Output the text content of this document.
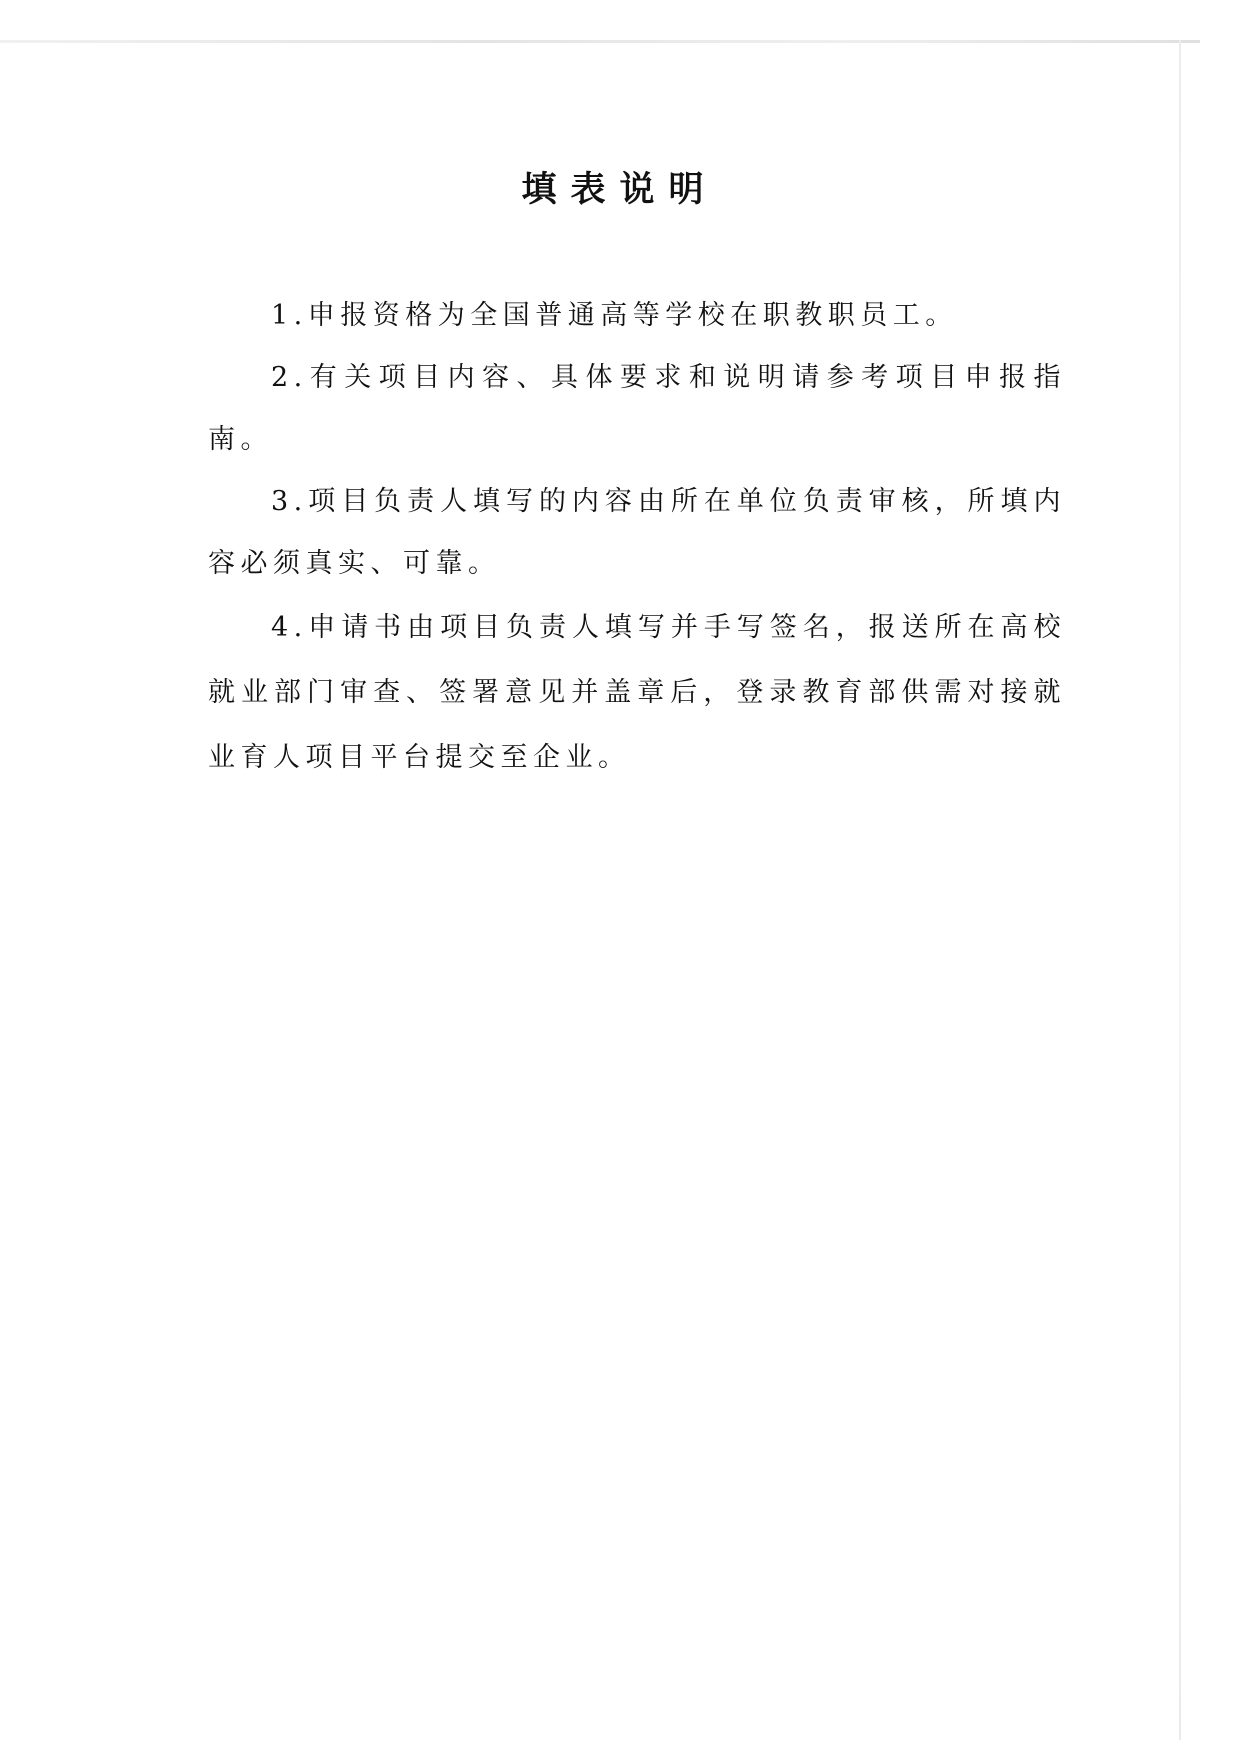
填表说明
1.申报资格为全国普通高等学校在职教职员工。
2.有关项目内容、具体要求和说明请参考项目申报指南。
3.项目负责人填写的内容由所在单位负责审核，所填内容必须真实、可靠。
4.申请书由项目负责人填写并手写签名，报送所在高校就业部门审查、签署意见并盖章后，登录教育部供需对接就业育人项目平台提交至企业。
